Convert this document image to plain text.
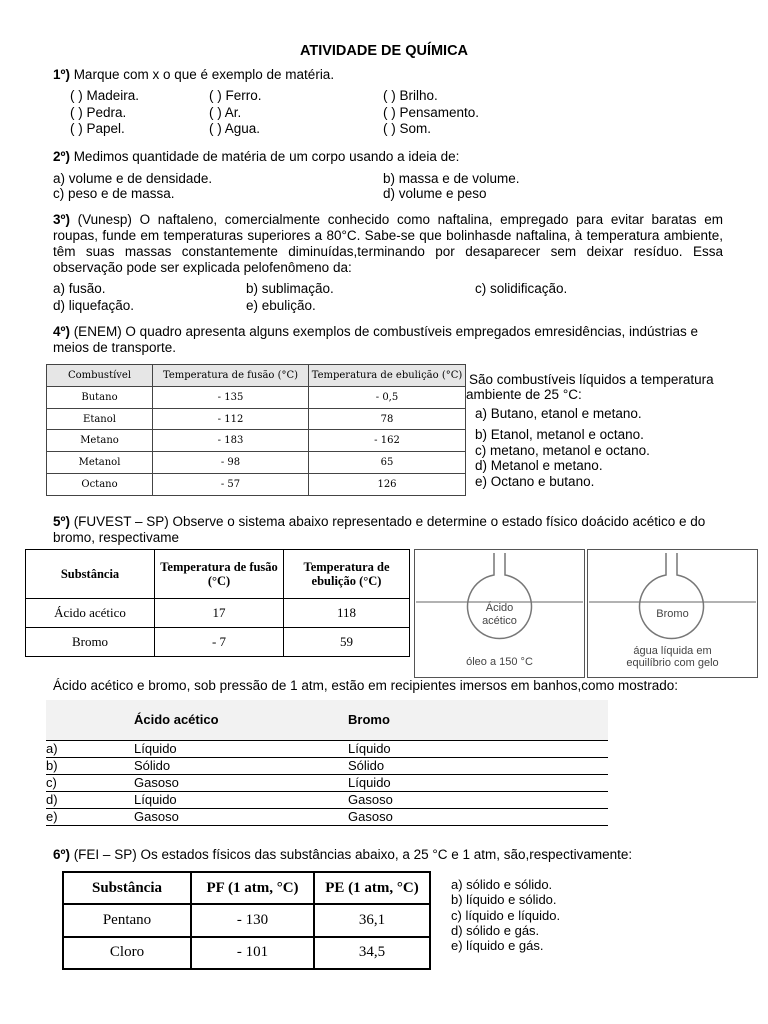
ATIVIDADE DE QUÍMICA
1º) Marque com x o que é exemplo de matéria.
( ) Madeira.	( ) Ferro.	( ) Brilho.
( ) Pedra.	( ) Ar.	( ) Pensamento.
( ) Papel.	( ) Agua.	( ) Som.
2º) Medimos quantidade de matéria de um corpo usando a ideia de:
a) volume e de densidade.	b) massa e de volume.
c) peso e de massa.	d) volume e peso
3º) (Vunesp) O naftaleno, comercialmente conhecido como naftalina, empregado para evitar baratas em roupas, funde em temperaturas superiores a 80°C. Sabe-se que bolinhasde naftalina, à temperatura ambiente, têm suas massas constantemente diminuídas,terminando por desaparecer sem deixar resíduo. Essa observação pode ser explicada pelofenômeno da:
a) fusão.	b) sublimação.	c) solidificação.
d) liquefação.	e) ebulição.
4º) (ENEM) O quadro apresenta alguns exemplos de combustíveis empregados emresidências, indústrias e meios de transporte.
Combustível	Temperatura de fusão (°C)	Temperatura de ebulição (°C)
Butano	- 135	- 0,5
Etanol	- 112	78
Metano	- 183	- 162
Metanol	- 98	65
Octano	- 57	126
São combustíveis líquidos a temperatura
ambiente de 25 °C:
a) Butano, etanol e metano.
b) Etanol, metanol e octano.
c) metano, metanol e octano.
d) Metanol e metano.
e) Octano e butano.
5º) (FUVEST – SP) Observe o sistema abaixo representado e determine o estado físico doácido acético e do bromo, respectivame
Substância	Temperatura de fusão (°C)	Temperatura de ebulição (°C)
Ácido acético	17	118
Bromo	- 7	59
Ácido
acético
óleo a 150 °C
Bromo
água líquida em
equilíbrio com gelo
Ácido acético e bromo, sob pressão de 1 atm, estão em recipientes imersos em banhos,como mostrado:
	Ácido acético	Bromo
a)	Líquido	Líquido
b)	Sólido	Sólido
c)	Gasoso	Líquido
d)	Líquido	Gasoso
e)	Gasoso	Gasoso
6º) (FEI – SP) Os estados físicos das substâncias abaixo, a 25 °C e 1 atm, são,respectivamente:
Substância	PF (1 atm, °C)	PE (1 atm, °C)
Pentano	- 130	36,1
Cloro	- 101	34,5
a) sólido e sólido.
b) líquido e sólido.
c) líquido e líquido.
d) sólido e gás.
e) líquido e gás.
